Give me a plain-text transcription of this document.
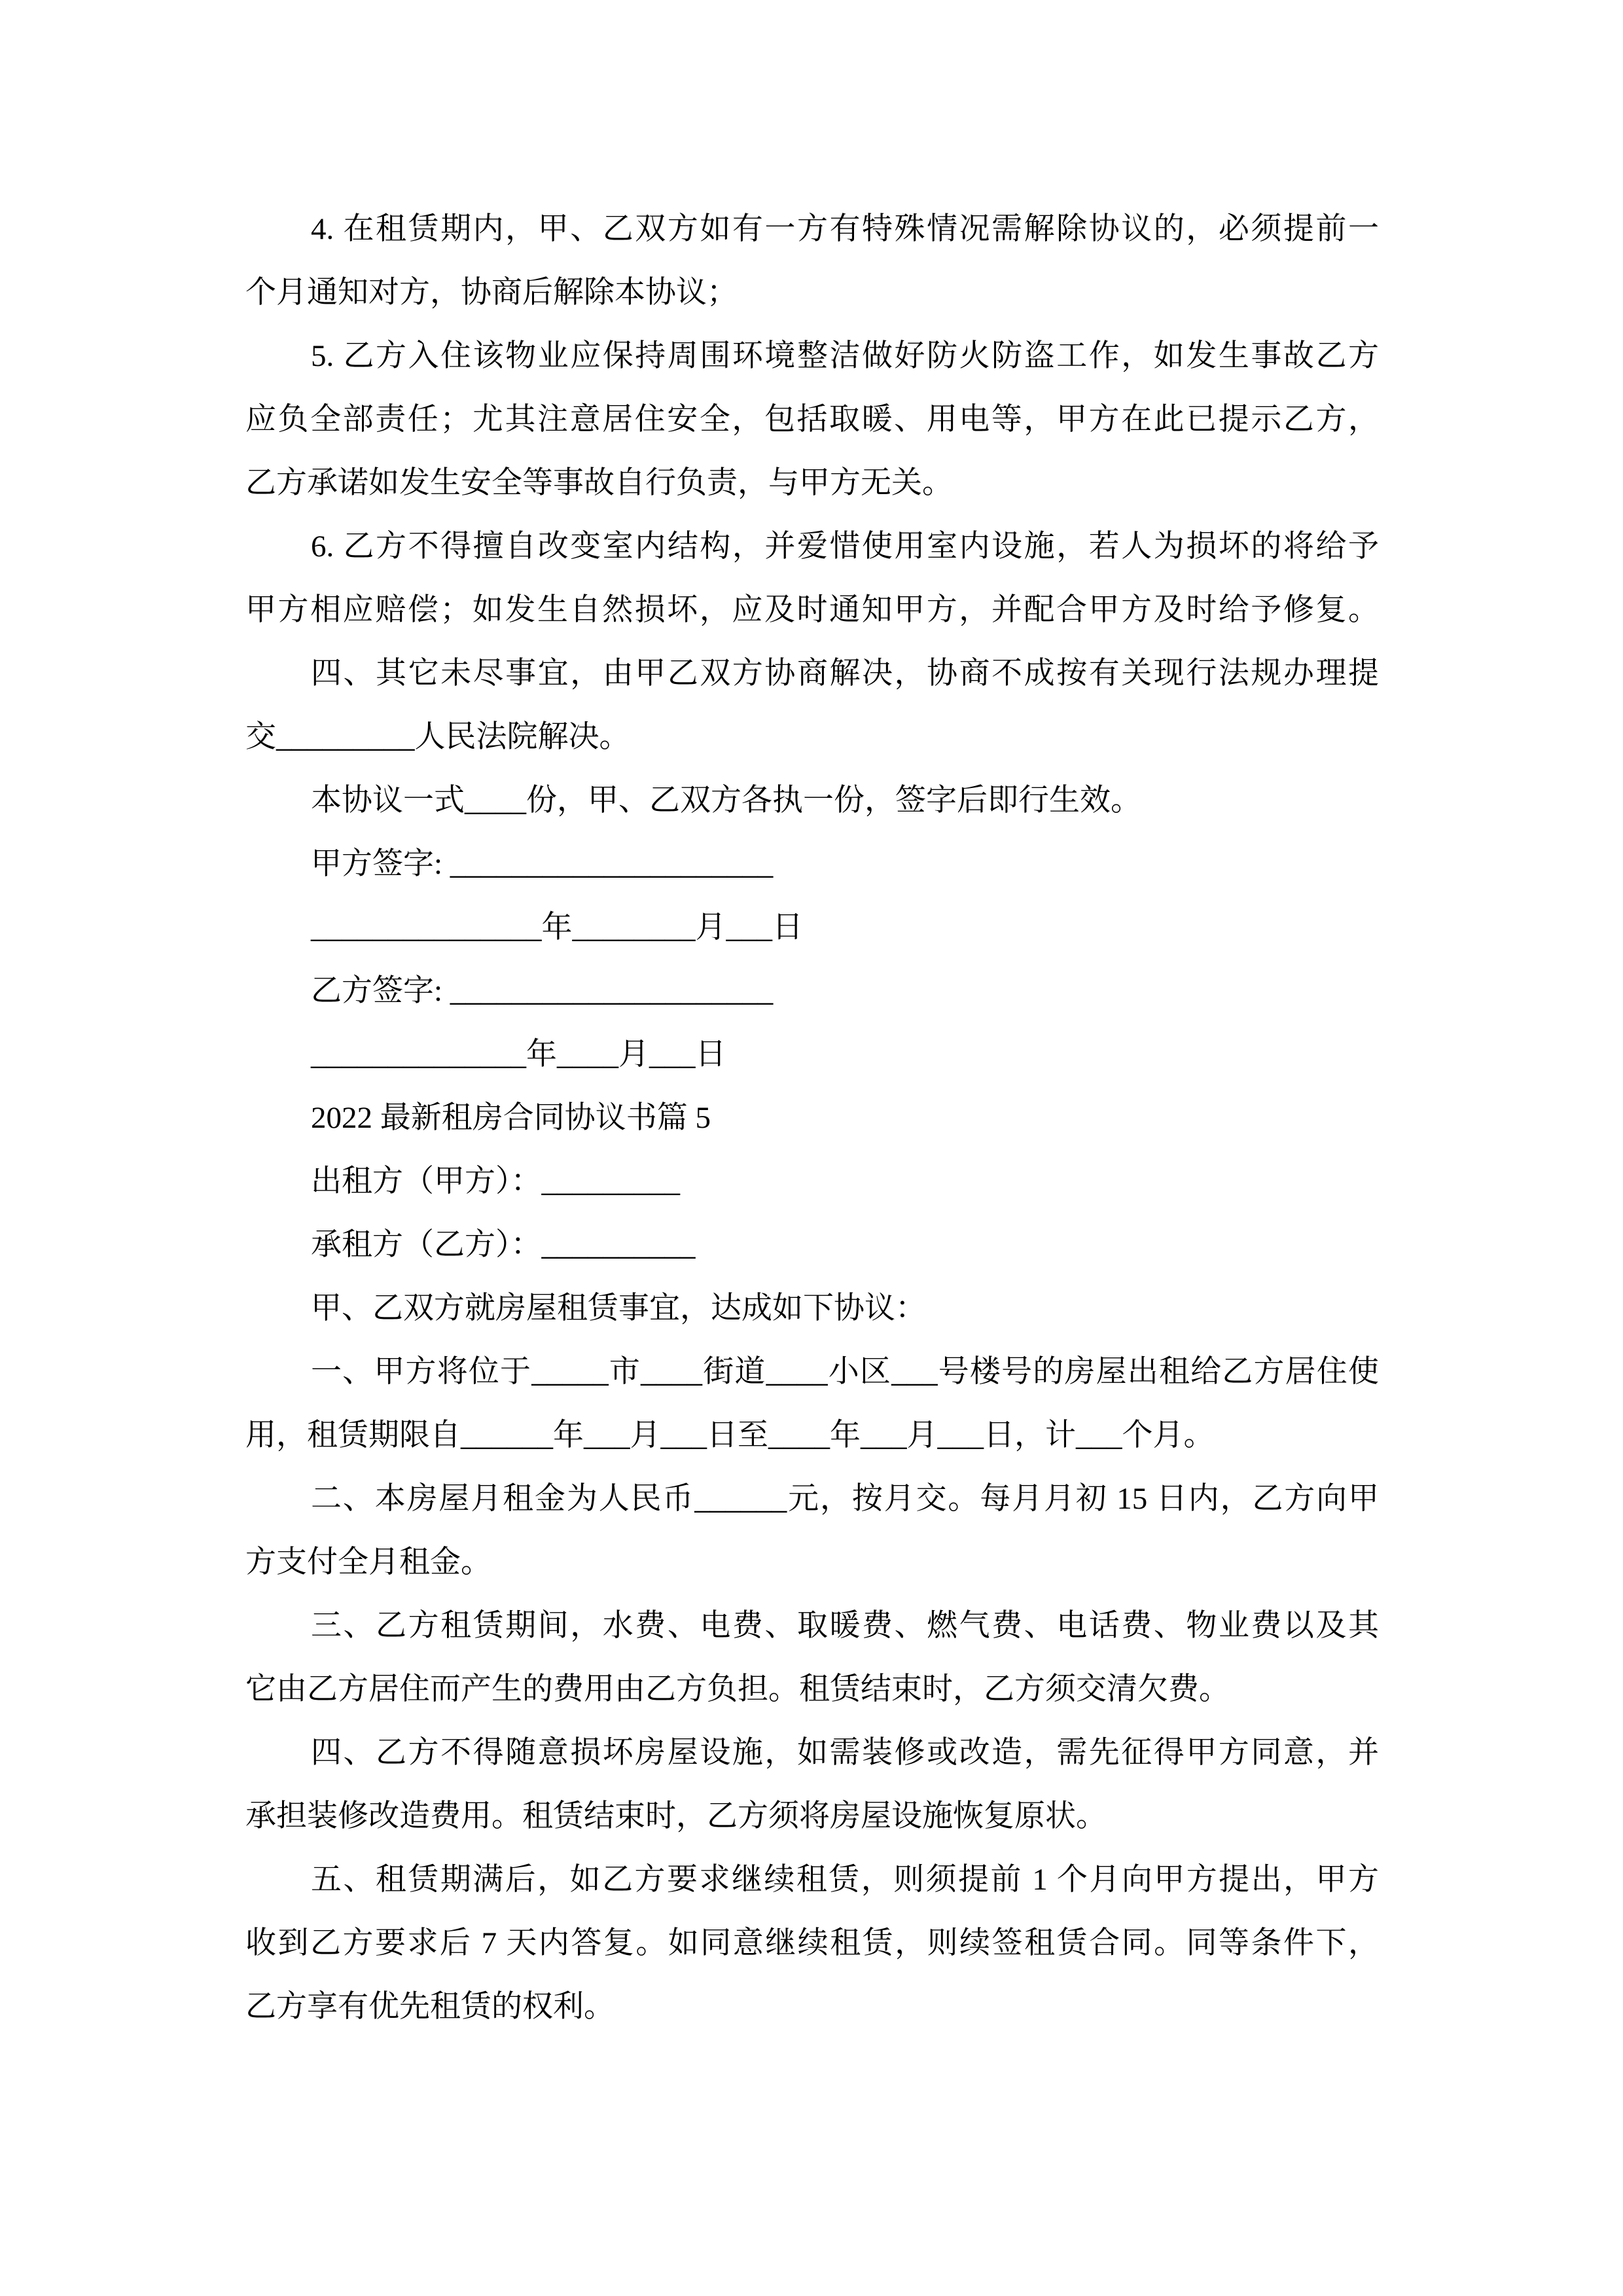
4. 在租赁期内，甲、乙双方如有一方有特殊情况需解除协议的，必须提前一
个月通知对方，协商后解除本协议；
5. 乙方入住该物业应保持周围环境整洁做好防火防盗工作，如发生事故乙方
应负全部责任；尤其注意居住安全，包括取暖、用电等，甲方在此已提示乙方，
乙方承诺如发生安全等事故自行负责，与甲方无关。
6. 乙方不得擅自改变室内结构，并爱惜使用室内设施，若人为损坏的将给予
甲方相应赔偿；如发生自然损坏，应及时通知甲方，并配合甲方及时给予修复。
四、其它未尽事宜，由甲乙双方协商解决，协商不成按有关现行法规办理提
交_________人民法院解决。
本协议一式____份，甲、乙双方各执一份，签字后即行生效。
甲方签字: _____________________
_______________年________月___日
乙方签字: _____________________
______________年____月___日
2022 最新租房合同协议书篇 5
出租方（甲方）：_________
承租方（乙方）：__________
甲、乙双方就房屋租赁事宜，达成如下协议：
一、甲方将位于_____市____街道____小区___号楼号的房屋出租给乙方居住使
用，租赁期限自______年___月___日至____年___月___日，计___个月。
二、本房屋月租金为人民币______元，按月交。每月月初 15 日内，乙方向甲
方支付全月租金。
三、乙方租赁期间，水费、电费、取暖费、燃气费、电话费、物业费以及其
它由乙方居住而产生的费用由乙方负担。租赁结束时，乙方须交清欠费。
四、乙方不得随意损坏房屋设施，如需装修或改造，需先征得甲方同意，并
承担装修改造费用。租赁结束时，乙方须将房屋设施恢复原状。
五、租赁期满后，如乙方要求继续租赁，则须提前 1 个月向甲方提出，甲方
收到乙方要求后 7 天内答复。如同意继续租赁，则续签租赁合同。同等条件下，
乙方享有优先租赁的权利。
